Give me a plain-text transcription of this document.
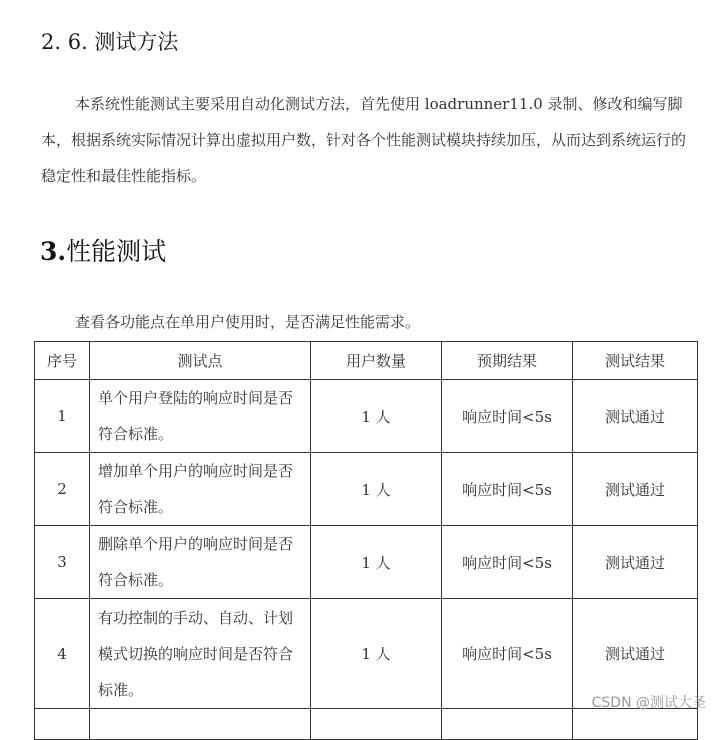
2. 6. 测试方法

本系统性能测试主要采用自动化测试方法，首先使用 loadrunner11.0 录制、修改和编写脚本，根据系统实际情况计算出虚拟用户数，针对各个性能测试模块持续加压，从而达到系统运行的稳定性和最佳性能指标。

3.性能测试

查看各功能点在单用户使用时，是否满足性能需求。

序号	测试点	用户数量	预期结果	测试结果
1	单个用户登陆的响应时间是否符合标准。	1 人	响应时间<5s	测试通过
2	增加单个用户的响应时间是否符合标准。	1 人	响应时间<5s	测试通过
3	删除单个用户的响应时间是否符合标准。	1 人	响应时间<5s	测试通过
4	有功控制的手动、自动、计划模式切换的响应时间是否符合标准。	1 人	响应时间<5s	测试通过

CSDN @测试大圣
